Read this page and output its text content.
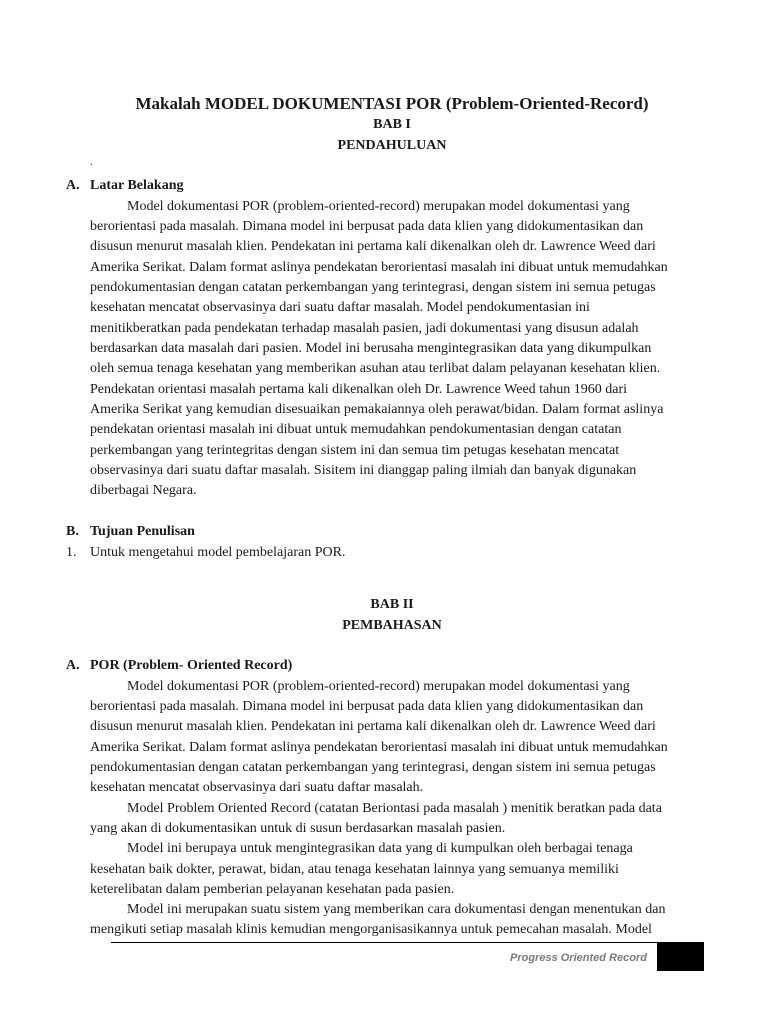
Makalah MODEL DOKUMENTASI POR (Problem-Oriented-Record)
BAB I
PENDAHULUAN
.
A. Latar Belakang
Model dokumentasi POR (problem-oriented-record) merupakan model dokumentasi yang
berorientasi pada masalah. Dimana model ini berpusat pada data klien yang didokumentasikan dan
disusun menurut masalah klien. Pendekatan ini pertama kali dikenalkan oleh dr. Lawrence Weed dari
Amerika Serikat. Dalam format aslinya pendekatan berorientasi masalah ini dibuat untuk memudahkan
pendokumentasian dengan catatan perkembangan yang terintegrasi, dengan sistem ini semua petugas
kesehatan mencatat observasinya dari suatu daftar masalah. Model pendokumentasian ini
menitikberatkan pada pendekatan terhadap masalah pasien, jadi dokumentasi yang disusun adalah
berdasarkan data masalah dari pasien. Model ini berusaha mengintegrasikan data yang dikumpulkan
oleh semua tenaga kesehatan yang memberikan asuhan atau terlibat dalam pelayanan kesehatan klien.
Pendekatan orientasi masalah pertama kali dikenalkan oleh Dr. Lawrence Weed tahun 1960 dari
Amerika Serikat yang kemudian disesuaikan pemakaiannya oleh perawat/bidan. Dalam format aslinya
pendekatan orientasi masalah ini dibuat untuk memudahkan pendokumentasian dengan catatan
perkembangan yang terintegritas dengan sistem ini dan semua tim petugas kesehatan mencatat
observasinya dari suatu daftar masalah. Sisitem ini dianggap paling ilmiah dan banyak digunakan
diberbagai Negara.
B. Tujuan Penulisan
1. Untuk mengetahui model pembelajaran POR.
BAB II
PEMBAHASAN
A. POR (Problem- Oriented Record)
Model dokumentasi POR (problem-oriented-record) merupakan model dokumentasi yang
berorientasi pada masalah. Dimana model ini berpusat pada data klien yang didokumentasikan dan
disusun menurut masalah klien. Pendekatan ini pertama kali dikenalkan oleh dr. Lawrence Weed dari
Amerika Serikat. Dalam format aslinya pendekatan berorientasi masalah ini dibuat untuk memudahkan
pendokumentasian dengan catatan perkembangan yang terintegrasi, dengan sistem ini semua petugas
kesehatan mencatat observasinya dari suatu daftar masalah.
Model Problem Oriented Record (catatan Beriontasi pada masalah ) menitik beratkan pada data
yang akan di dokumentasikan untuk di susun berdasarkan masalah pasien.
Model ini berupaya untuk mengintegrasikan data yang di kumpulkan oleh berbagai tenaga
kesehatan baik dokter, perawat, bidan, atau tenaga kesehatan lainnya yang semuanya memiliki
keterelibatan dalam pemberian pelayanan kesehatan pada pasien.
Model ini merupakan suatu sistem yang memberikan cara dokumentasi dengan menentukan dan
mengikuti setiap masalah klinis kemudian mengorganisasikannya untuk pemecahan masalah. Model
Progress Oriented Record
